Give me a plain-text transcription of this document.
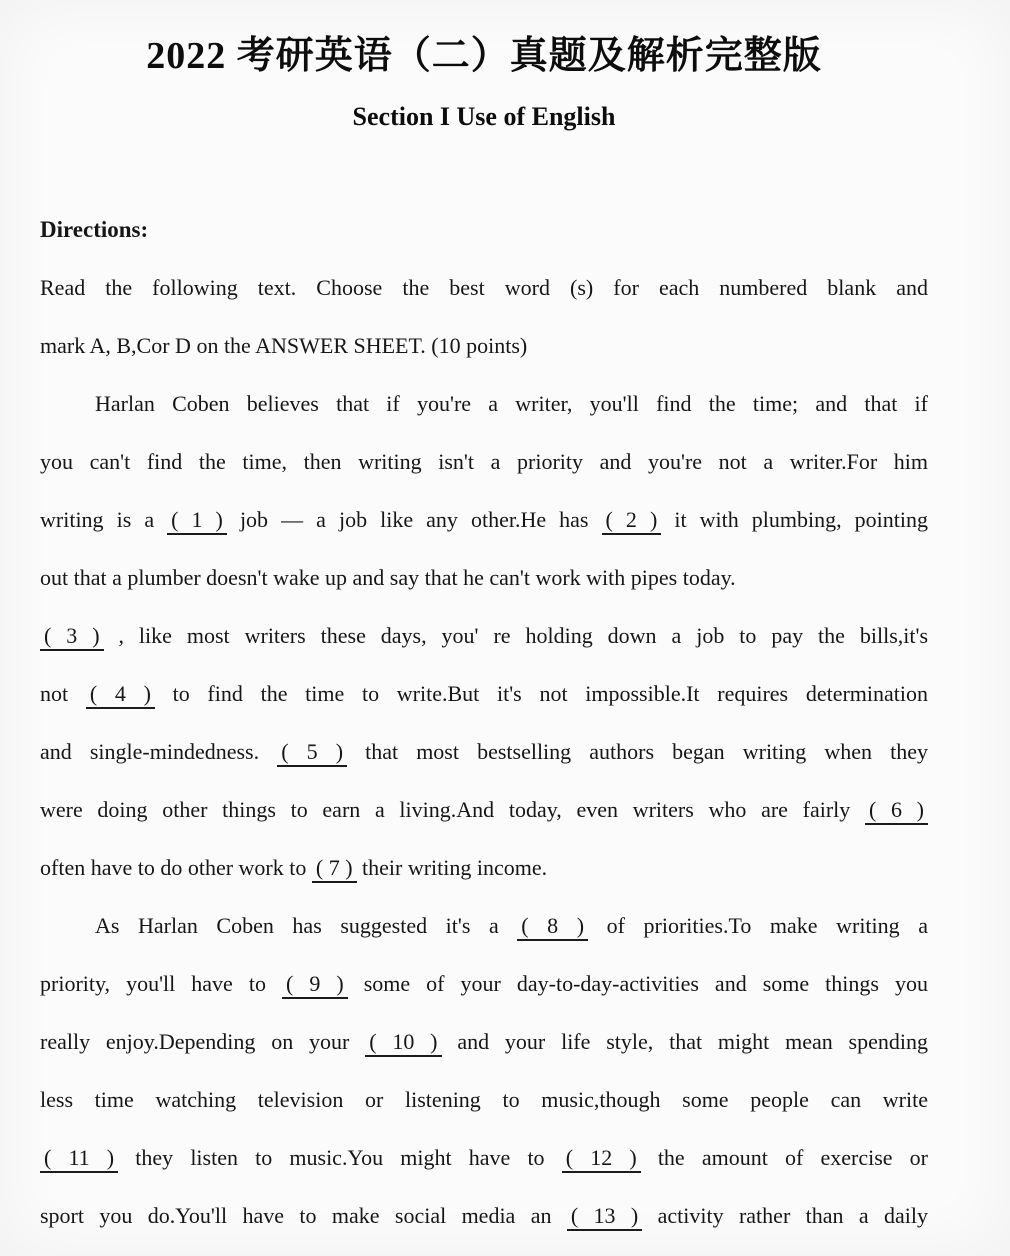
2022 考研英语（二）真题及解析完整版
Section I Use of English
Directions:
Read the following text. Choose the best word (s) for each numbered blank and
mark A, B,Cor D on the ANSWER SHEET. (10 points)
Harlan Coben believes that if you're a writer, you'll find the time; and that if
you can't find the time, then writing isn't a priority and you're not a writer.For him
writing is a ( 1 ) job — a job like any other.He has ( 2 ) it with plumbing, pointing
out that a plumber doesn't wake up and say that he can't work with pipes today.
( 3 ) , like most writers these days, you' re holding down a job to pay the bills,it's
not ( 4 ) to find the time to write.But it's not impossible.It requires determination
and single-mindedness. ( 5 ) that most bestselling authors began writing when they
were doing other things to earn a living.And today, even writers who are fairly ( 6 )
often have to do other work to ( 7 ) their writing income.
As Harlan Coben has suggested it's a ( 8 ) of priorities.To make writing a
priority, you'll have to ( 9 ) some of your day-to-day-activities and some things you
really enjoy.Depending on your ( 10 ) and your life style, that might mean spending
less time watching television or listening to music,though some people can write
( 11 ) they listen to music.You might have to ( 12 ) the amount of exercise or
sport you do.You'll have to make social media an ( 13 ) activity rather than a daily
